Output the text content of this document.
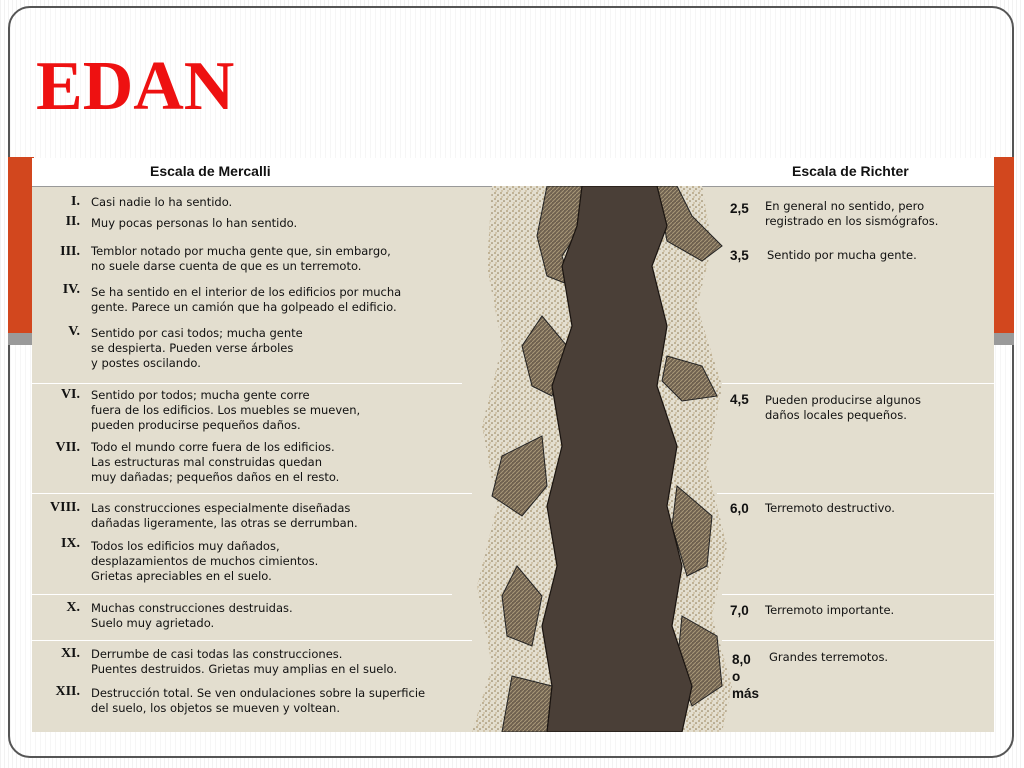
EDAN
Escala de Mercalli	Escala de Richter
I. Casi nadie lo ha sentido.
II. Muy pocas personas lo han sentido.
III. Temblor notado por mucha gente que, sin embargo,
no suele darse cuenta de que es un terremoto.
IV. Se ha sentido en el interior de los edificios por mucha
gente. Parece un camión que ha golpeado el edificio.
V. Sentido por casi todos; mucha gente
se despierta. Pueden verse árboles
y postes oscilando.
VI. Sentido por todos; mucha gente corre
fuera de los edificios. Los muebles se mueven,
pueden producirse pequeños daños.
VII. Todo el mundo corre fuera de los edificios.
Las estructuras mal construidas quedan
muy dañadas; pequeños daños en el resto.
VIII. Las construcciones especialmente diseñadas
dañadas ligeramente, las otras se derrumban.
IX. Todos los edificios muy dañados,
desplazamientos de muchos cimientos.
Grietas apreciables en el suelo.
X. Muchas construcciones destruidas.
Suelo muy agrietado.
XI. Derrumbe de casi todas las construcciones.
Puentes destruidos. Grietas muy amplias en el suelo.
XII. Destrucción total. Se ven ondulaciones sobre la superficie
del suelo, los objetos se mueven y voltean.
2,5 En general no sentido, pero
registrado en los sismógrafos.
3,5 Sentido por mucha gente.
4,5 Pueden producirse algunos
daños locales pequeños.
6,0 Terremoto destructivo.
7,0 Terremoto importante.
8,0
o
más
Grandes terremotos.
